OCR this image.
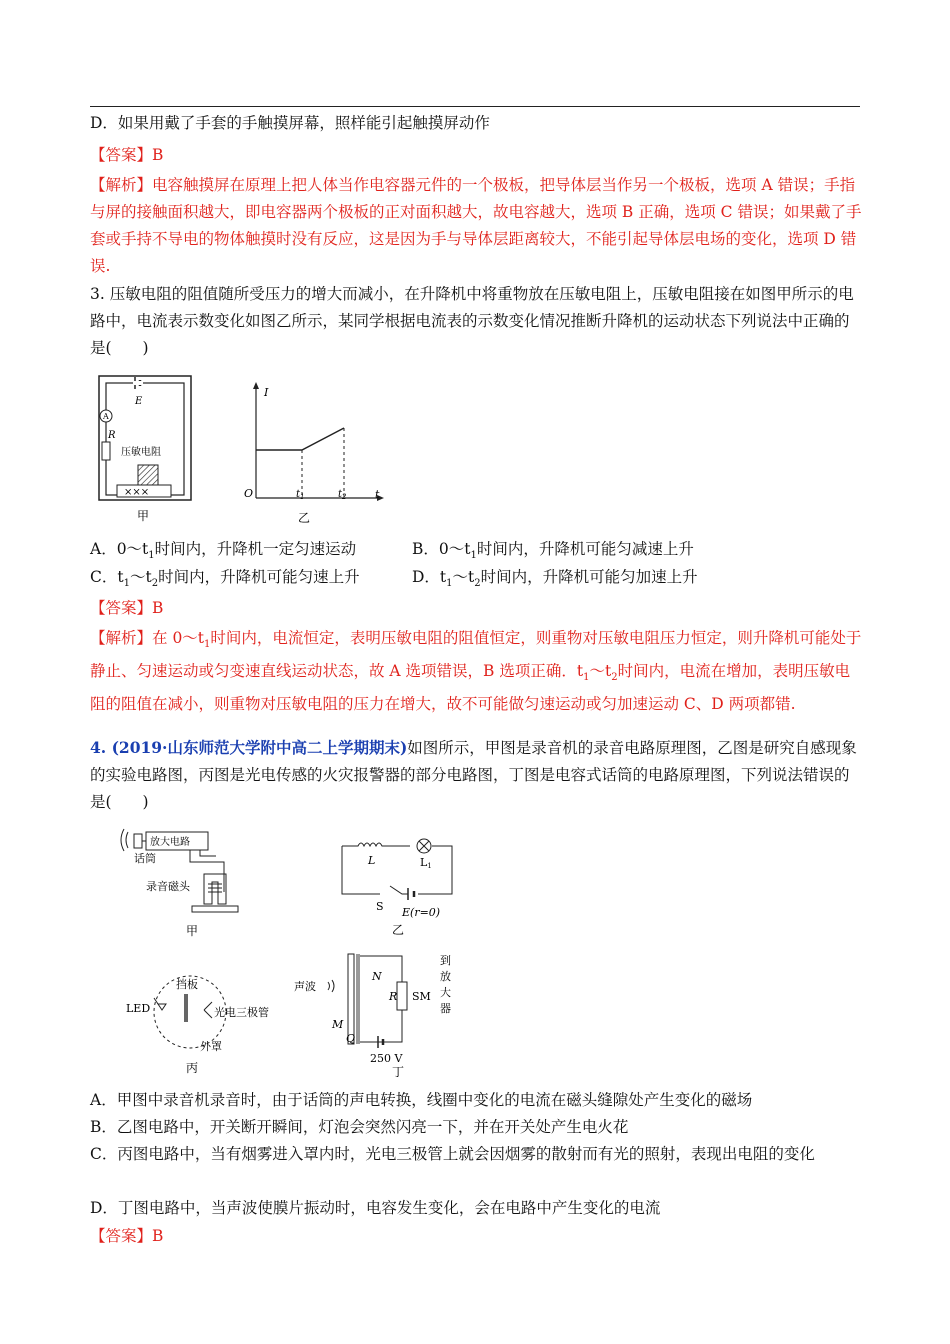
D．如果用戴了手套的手触摸屏幕，照样能引起触摸屏动作
【答案】B
【解析】电容触摸屏在原理上把人体当作电容器元件的一个极板，把导体层当作另一个极板，选项 A 错误；手指与屏的接触面积越大，即电容器两个极板的正对面积越大，故电容越大，选项 B 正确，选项 C 错误；如果戴了手套或手持不导电的物体触摸时没有反应，这是因为手与导体层距离较大，不能引起导体层电场的变化，选项 D 错误.
3. 压敏电阻的阻值随所受压力的增大而减小，在升降机中将重物放在压敏电阻上，压敏电阻接在如图甲所示的电路中，电流表示数变化如图乙所示，某同学根据电流表的示数变化情况推断升降机的运动状态下列说法中正确的是(　　)
E
A
R
压敏电阻
×××
甲
I
t
O	$t_1$	$t_2$
乙
A．$0\sim t_1$时间内，升降机一定匀速运动	B．$0\sim t_1$时间内，升降机可能匀减速上升
C．$t_1\sim t_2$时间内，升降机可能匀速上升	D．$t_1\sim t_2$时间内，升降机可能匀加速上升
【答案】B
【解析】在 $0\sim t_1$时间内，电流恒定，表明压敏电阻的阻值恒定，则重物对压敏电阻压力恒定，则升降机可能处于静止、匀速运动或匀变速直线运动状态，故 A 选项错误，B 选项正确．$t_1\sim t_2$时间内，电流在增加，表明压敏电阻的阻值在减小，则重物对压敏电阻的压力在增大，故不可能做匀速运动或匀加速运动 C、D 两项都错.
4. (2019·山东师范大学附中高二上学期期末)如图所示，甲图是录音机的录音电路原理图，乙图是研究自感现象的实验电路图，丙图是光电传感的火灾报警器的部分电路图，丁图是电容式话筒的电路原理图，下列说法错误的是(　　)
放大电路
话筒
录音磁头
甲
L	L1
S E(r=0)
乙
LED
挡板
光电三极管
外罩
丙
声波
R SM
N
M
Q
250 V
到
放
大
器
丁
A．甲图中录音机录音时，由于话筒的声电转换，线圈中变化的电流在磁头缝隙处产生变化的磁场
B．乙图电路中，开关断开瞬间，灯泡会突然闪亮一下，并在开关处产生电火花
C．丙图电路中，当有烟雾进入罩内时，光电三极管上就会因烟雾的散射而有光的照射，表现出电阻的变化
D．丁图电路中，当声波使膜片振动时，电容发生变化，会在电路中产生变化的电流
【答案】B
